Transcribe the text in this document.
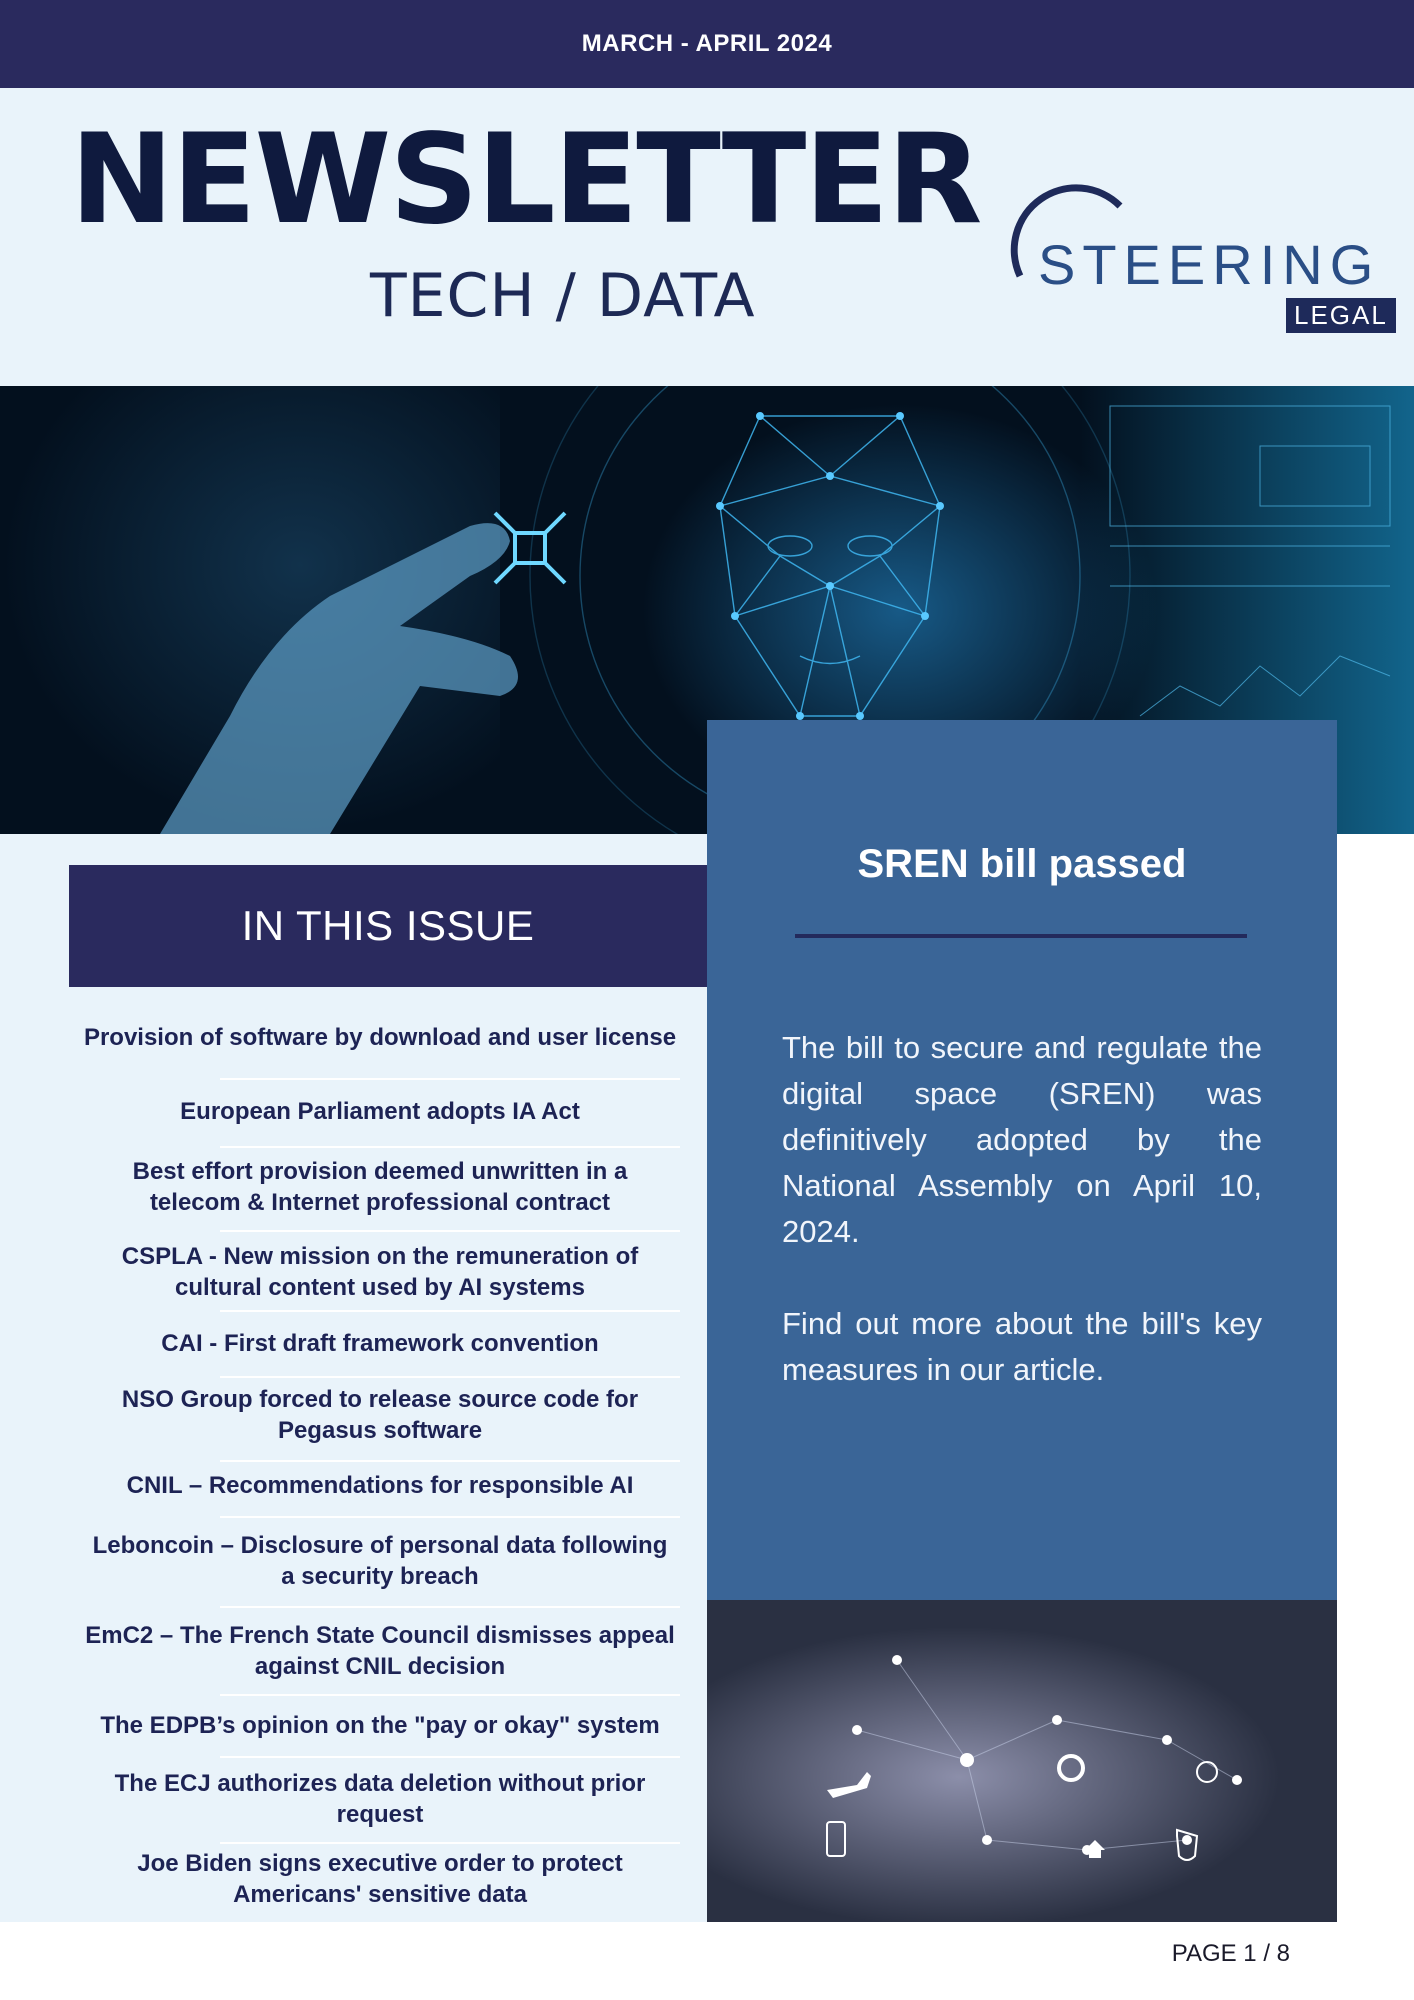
MARCH - APRIL 2024
NEWSLETTER
TECH / DATA	STEERING
LEGAL
IN THIS ISSUE
Provision of software by download and user license
European Parliament adopts IA Act
Best effort provision deemed unwritten in a
telecom & Internet professional contract
CSPLA - New mission on the remuneration of
cultural content used by AI systems
CAI - First draft framework convention
NSO Group forced to release source code for
Pegasus software
CNIL – Recommendations for responsible AI
Leboncoin – Disclosure of personal data following
a security breach
EmC2 – The French State Council dismisses appeal
against CNIL decision
The EDPB’s opinion on the "pay or okay" system
The ECJ authorizes data deletion without prior
request
Joe Biden signs executive order to protect
Americans' sensitive data
SREN bill passed

The bill to secure and regulate the digital space (SREN) was definitively adopted by the National Assembly on April 10, 2024.

Find out more about the bill's key measures in our article.

PAGE 1 / 8
